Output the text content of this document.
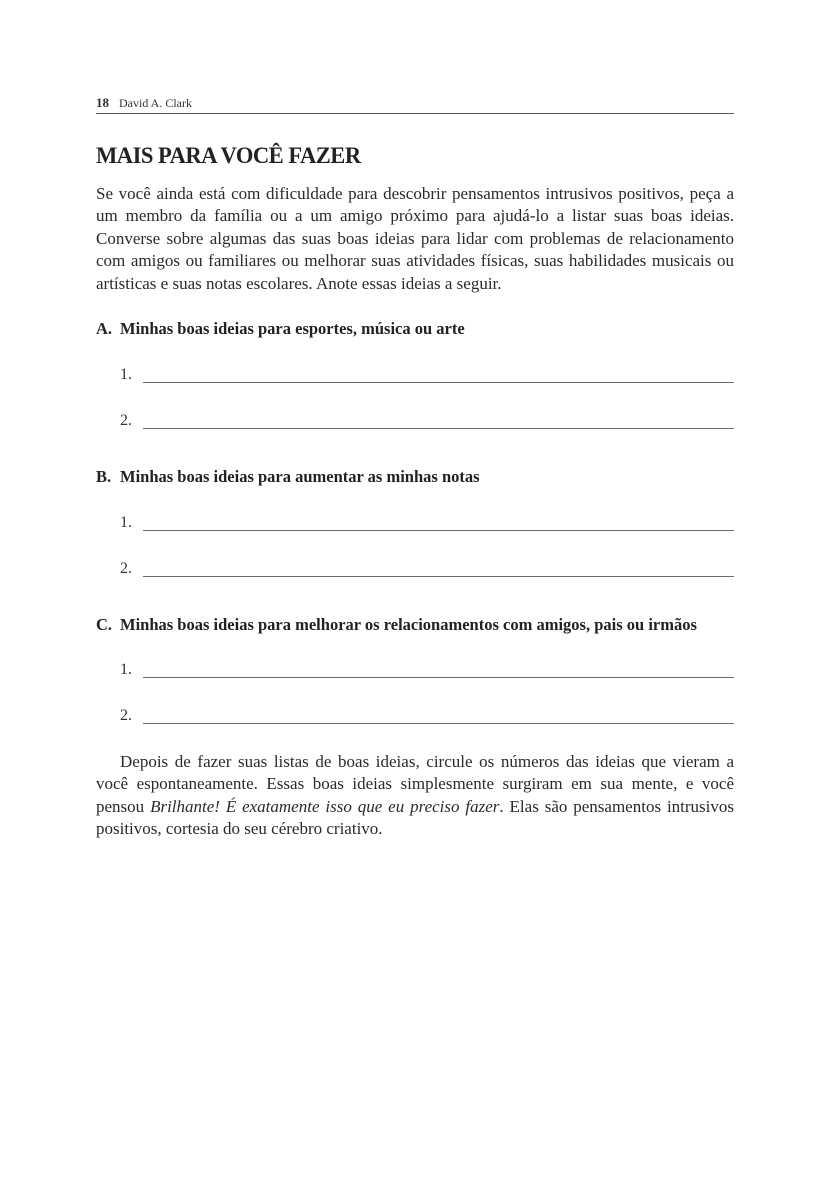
18 David A. Clark
MAIS PARA VOCÊ FAZER

Se você ainda está com dificuldade para descobrir pensamentos intrusivos positivos, peça a um membro da família ou a um amigo próximo para ajudá-lo a listar suas boas ideias. Converse sobre algumas das suas boas ideias para lidar com problemas de relacionamento com amigos ou familiares ou melhorar suas atividades físicas, suas habilidades musicais ou artísticas e suas notas escolares. Anote essas ideias a seguir.

A. Minhas boas ideias para esportes, música ou arte
1.
2.
B. Minhas boas ideias para aumentar as minhas notas
1.
2.
C. Minhas boas ideias para melhorar os relacionamentos com amigos, pais ou irmãos
1.
2.

Depois de fazer suas listas de boas ideias, circule os números das ideias que vieram a você espontaneamente. Essas boas ideias simplesmente surgiram em sua mente, e você pensou Brilhante! É exatamente isso que eu preciso fazer. Elas são pensamentos intrusivos positivos, cortesia do seu cérebro criativo.
